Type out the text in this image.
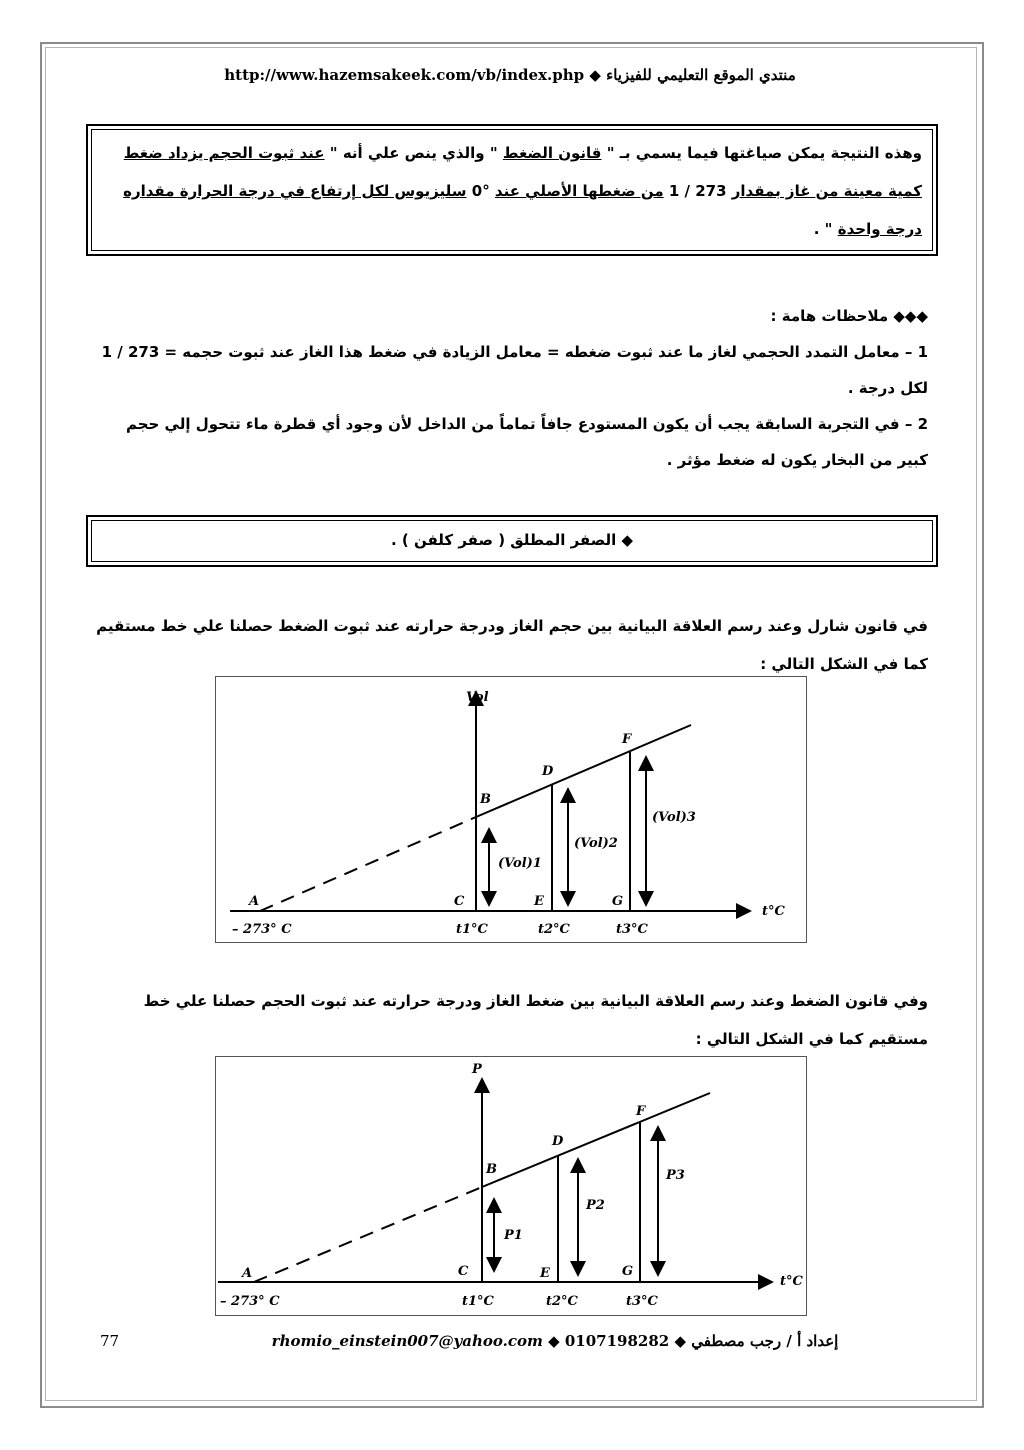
http://www.hazemsakeek.com/vb/index.php ◆ منتدي الموقع التعليمي للفيزياء
وهذه النتيجة يمكن صياغتها فيما يسمي بـ " قانون الضغط " والذي ينص علي أنه " عند ثبوت الحجم يزداد ضغط كمية معينة من غاز بمقدار 273 / 1 من ضغطها الأصلي عند °0 سليزيوس لكل إرتفاع في درجة الحرارة مقداره درجة واحدة " .

◆◆◆ ملاحظات هامة :

1 – معامل التمدد الحجمي لغاز ما عند ثبوت ضغطه = معامل الزيادة في ضغط هذا الغاز عند ثبوت حجمه = 273 / 1 لكل درجة .

2 – في التجربة السابقة يجب أن يكون المستودع جافاً تماماً من الداخل لأن وجود أي قطرة ماء تتحول إلي حجم كبير من البخار يكون له ضغط مؤثر .

◆ الصفر المطلق ( صفر كلفن ) .
في قانون شارل وعند رسم العلاقة البيانية بين حجم الغاز ودرجة حرارته عند ثبوت الضغط حصلنا علي خط مستقيم كما في الشكل التالي :
Vol
t°C
A
B
C
D
E
F
G
– 273° C	t1°C	t2°C	t3°C
(Vol)1
(Vol)2
(Vol)3
وفي قانون الضغط وعند رسم العلاقة البيانية بين ضغط الغاز ودرجة حرارته عند ثبوت الحجم حصلنا علي خط مستقيم كما في الشكل التالي :
P
t°C
A
B
C
D
E
F
G
– 273° C	t1°C	t2°C	t3°C
P1
P2
P3
77	rhomio_einstein007@yahoo.com ◆ 0107198282 ◆ إعداد أ / رجب مصطفي
